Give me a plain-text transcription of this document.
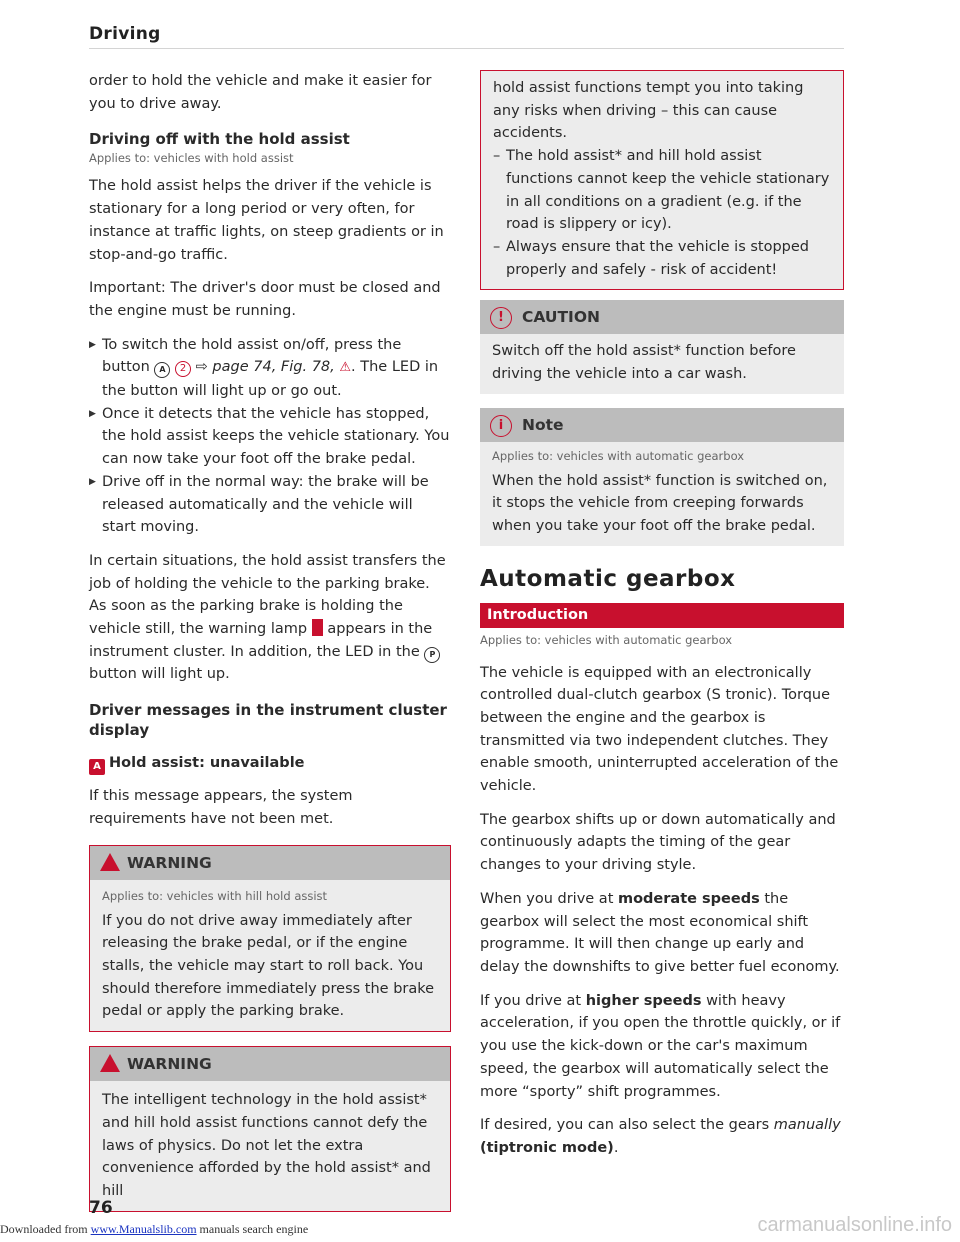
Driving

order to hold the vehicle and make it easier for you to drive away.

Driving off with the hold assist
Applies to: vehicles with hold assist

The hold assist helps the driver if the vehicle is stationary for a long period or very often, for instance at traffic lights, on steep gradients or in stop-and-go traffic.

Important: The driver's door must be closed and the engine must be running.

▶ To switch the hold assist on/off, press the button A 2 ⇨ page 74, Fig. 78, ⚠. The LED in the button will light up or go out.
▶ Once it detects that the vehicle has stopped, the hold assist keeps the vehicle stationary. You can now take your foot off the brake pedal.
▶ Drive off in the normal way: the brake will be released automatically and the vehicle will start moving.

In certain situations, the hold assist transfers the job of holding the vehicle to the parking brake. As soon as the parking brake is holding the vehicle still, the warning lamp appears in the instrument cluster. In addition, the LED in the P button will light up.

Driver messages in the instrument cluster display
A Hold assist: unavailable

If this message appears, the system requirements have not been met.

WARNING
Applies to: vehicles with hill hold assist
If you do not drive away immediately after releasing the brake pedal, or if the engine stalls, the vehicle may start to roll back. You should therefore immediately press the brake pedal or apply the parking brake.
WARNING
The intelligent technology in the hold assist* and hill hold assist functions cannot defy the laws of physics. Do not let the extra convenience afforded by the hold assist* and hill
hold assist functions tempt you into taking any risks when driving – this can cause accidents.
– The hold assist* and hill hold assist functions cannot keep the vehicle stationary in all conditions on a gradient (e.g. if the road is slippery or icy).
– Always ensure that the vehicle is stopped properly and safely - risk of accident!
! CAUTION
Switch off the hold assist* function before driving the vehicle into a car wash.
i Note
Applies to: vehicles with automatic gearbox
When the hold assist* function is switched on, it stops the vehicle from creeping forwards when you take your foot off the brake pedal.
Automatic gearbox
Introduction
Applies to: vehicles with automatic gearbox

The vehicle is equipped with an electronically controlled dual-clutch gearbox (S tronic). Torque between the engine and the gearbox is transmitted via two independent clutches. They enable smooth, uninterrupted acceleration of the vehicle.

The gearbox shifts up or down automatically and continuously adapts the timing of the gear changes to your driving style.

When you drive at moderate speeds the gearbox will select the most economical shift programme. It will then change up early and delay the downshifts to give better fuel economy.

If you drive at higher speeds with heavy acceleration, if you open the throttle quickly, or if you use the kick-down or the car's maximum speed, the gearbox will automatically select the more “sporty” shift programmes.

If desired, you can also select the gears manually (tiptronic mode).

76
Downloaded from www.Manualslib.com manuals search engine	carmanualsonline.info
